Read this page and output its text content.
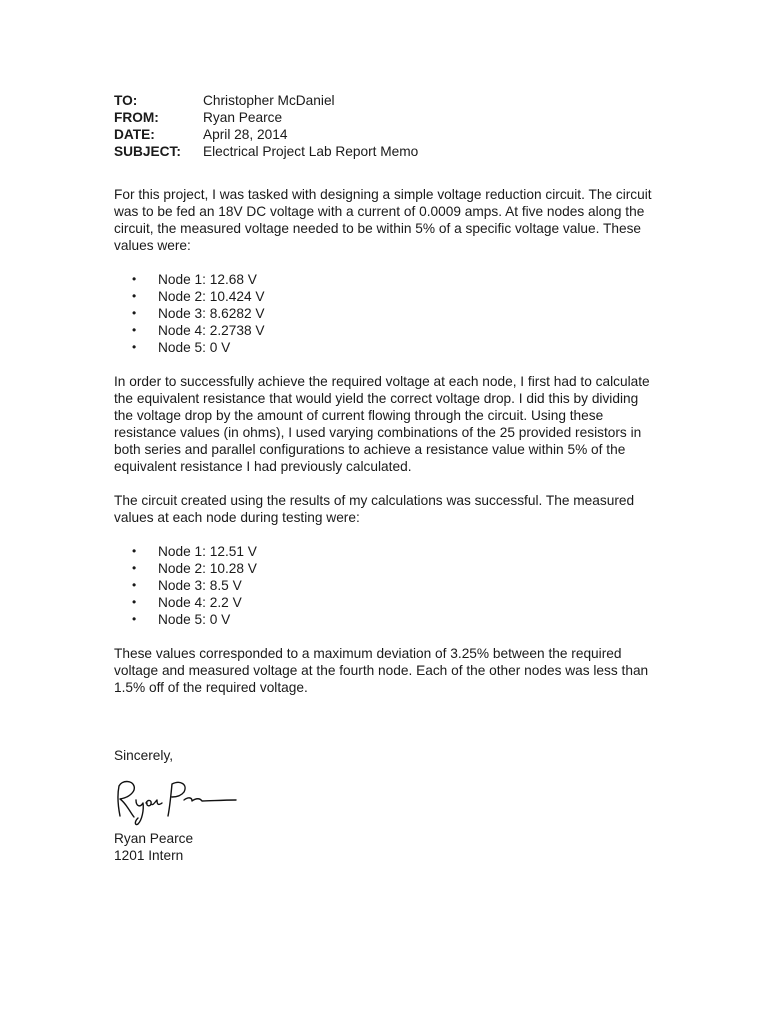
TO:	Christopher McDaniel
FROM:	Ryan Pearce
DATE:	April 28, 2014
SUBJECT:	Electrical Project Lab Report Memo

For this project, I was tasked with designing a simple voltage reduction circuit. The circuit was to be fed an 18V DC voltage with a current of 0.0009 amps. At five nodes along the circuit, the measured voltage needed to be within 5% of a specific voltage value. These values were:

• Node 1: 12.68 V
• Node 2: 10.424 V
• Node 3: 8.6282 V
• Node 4: 2.2738 V
• Node 5: 0 V

In order to successfully achieve the required voltage at each node, I first had to calculate the equivalent resistance that would yield the correct voltage drop. I did this by dividing the voltage drop by the amount of current flowing through the circuit. Using these resistance values (in ohms), I used varying combinations of the 25 provided resistors in both series and parallel configurations to achieve a resistance value within 5% of the equivalent resistance I had previously calculated.

The circuit created using the results of my calculations was successful. The measured values at each node during testing were:

• Node 1: 12.51 V
• Node 2: 10.28 V
• Node 3: 8.5 V
• Node 4: 2.2 V
• Node 5: 0 V

These values corresponded to a maximum deviation of 3.25% between the required voltage and measured voltage at the fourth node. Each of the other nodes was less than 1.5% off of the required voltage.

Sincerely,
Ryan Pearce
1201 Intern
